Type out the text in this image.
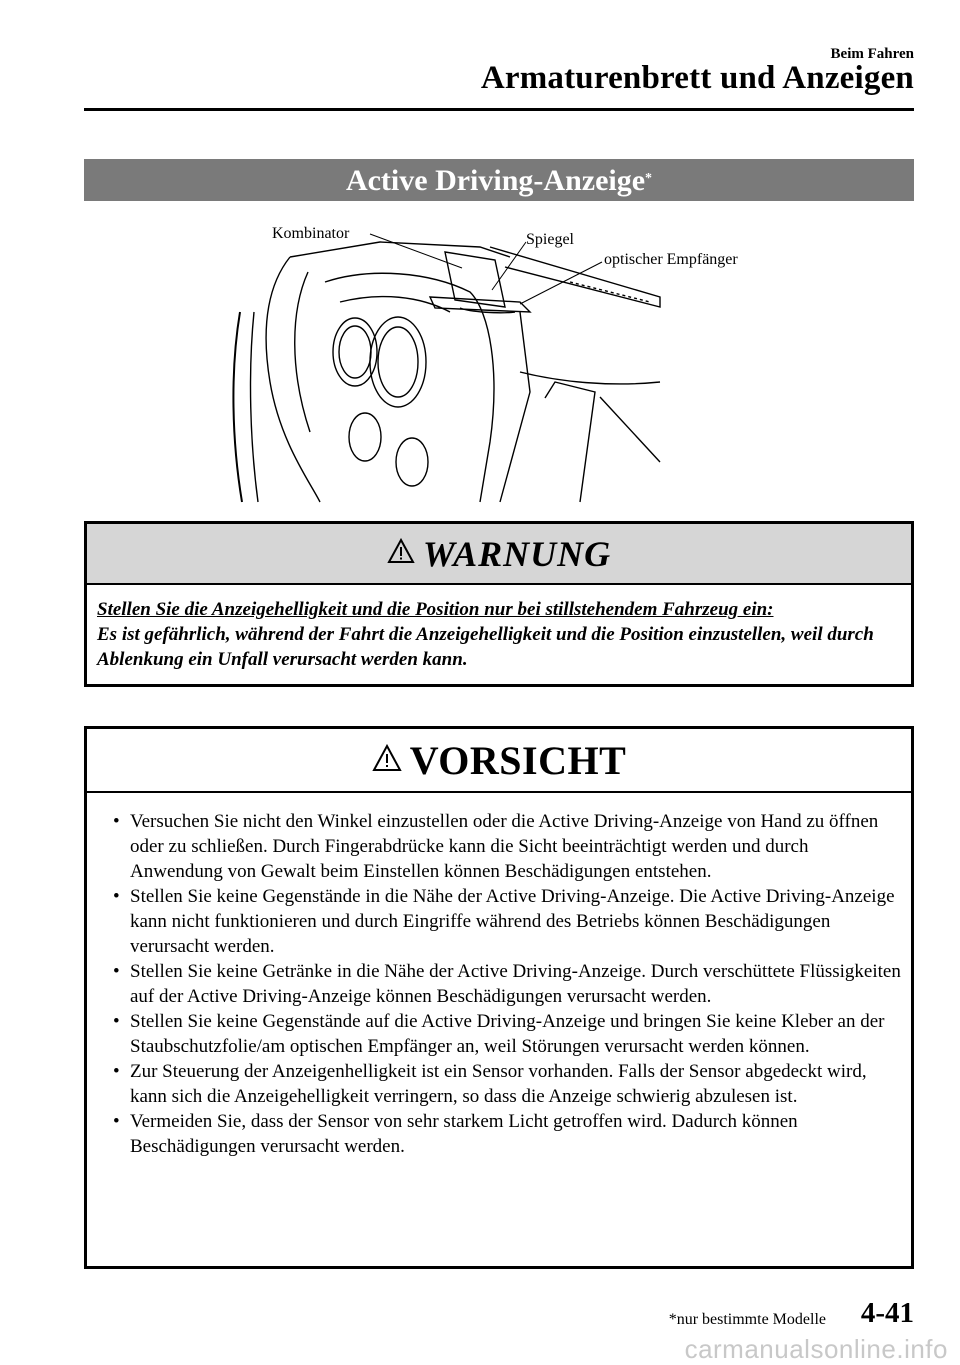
Beim Fahren
Armaturenbrett und Anzeigen
Active Driving-Anzeige*
Kombinator	Spiegel
optischer Empfänger
WARNUNG
Stellen Sie die Anzeigehelligkeit und die Position nur bei stillstehendem Fahrzeug ein:
Es ist gefährlich, während der Fahrt die Anzeigehelligkeit und die Position einzustellen, weil durch Ablenkung ein Unfall verursacht werden kann.
VORSICHT
• Versuchen Sie nicht den Winkel einzustellen oder die Active Driving-Anzeige von Hand zu öffnen oder zu schließen. Durch Fingerabdrücke kann die Sicht beeinträchtigt werden und durch Anwendung von Gewalt beim Einstellen können Beschädigungen entstehen.
• Stellen Sie keine Gegenstände in die Nähe der Active Driving-Anzeige. Die Active Driving-Anzeige kann nicht funktionieren und durch Eingriffe während des Betriebs können Beschädigungen verursacht werden.
• Stellen Sie keine Getränke in die Nähe der Active Driving-Anzeige. Durch verschüttete Flüssigkeiten auf der Active Driving-Anzeige können Beschädigungen verursacht werden.
• Stellen Sie keine Gegenstände auf die Active Driving-Anzeige und bringen Sie keine Kleber an der Staubschutzfolie/am optischen Empfänger an, weil Störungen verursacht werden können.
• Zur Steuerung der Anzeigenhelligkeit ist ein Sensor vorhanden. Falls der Sensor abgedeckt wird, kann sich die Anzeigehelligkeit verringern, so dass die Anzeige schwierig abzulesen ist.
• Vermeiden Sie, dass der Sensor von sehr starkem Licht getroffen wird. Dadurch können Beschädigungen verursacht werden.
*nur bestimmte Modelle 4-41
carmanualsonline.info
